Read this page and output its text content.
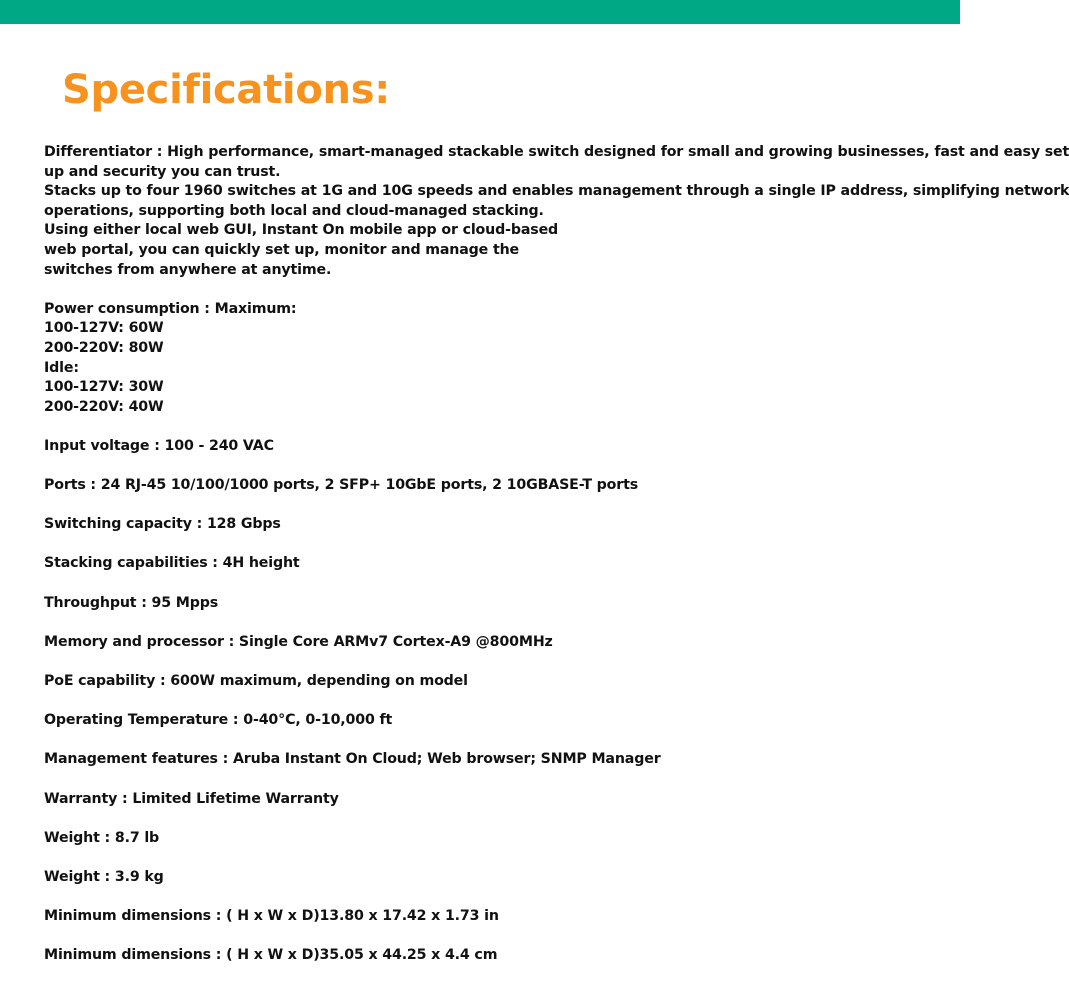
Specifications:
Differentiator : High performance, smart-managed stackable switch designed for small and growing businesses, fast and easy set
up and security you can trust.
Stacks up to four 1960 switches at 1G and 10G speeds and enables management through a single IP address, simplifying network
operations, supporting both local and cloud-managed stacking.
Using either local web GUI, Instant On mobile app or cloud-based
web portal, you can quickly set up, monitor and manage the
switches from anywhere at anytime.
Power consumption : Maximum:
100-127V: 60W
200-220V: 80W
Idle:
100-127V: 30W
200-220V: 40W
Input voltage : 100 - 240 VAC
Ports : 24 RJ-45 10/100/1000 ports, 2 SFP+ 10GbE ports, 2 10GBASE-T ports
Switching capacity : 128 Gbps
Stacking capabilities : 4H height
Throughput : 95 Mpps
Memory and processor : Single Core ARMv7 Cortex-A9 @800MHz
PoE capability : 600W maximum, depending on model
Operating Temperature : 0-40°C, 0-10,000 ft
Management features : Aruba Instant On Cloud; Web browser; SNMP Manager
Warranty : Limited Lifetime Warranty
Weight : 8.7 lb
Weight : 3.9 kg
Minimum dimensions : ( H x W x D)13.80 x 17.42 x 1.73 in
Minimum dimensions : ( H x W x D)35.05 x 44.25 x 4.4 cm
